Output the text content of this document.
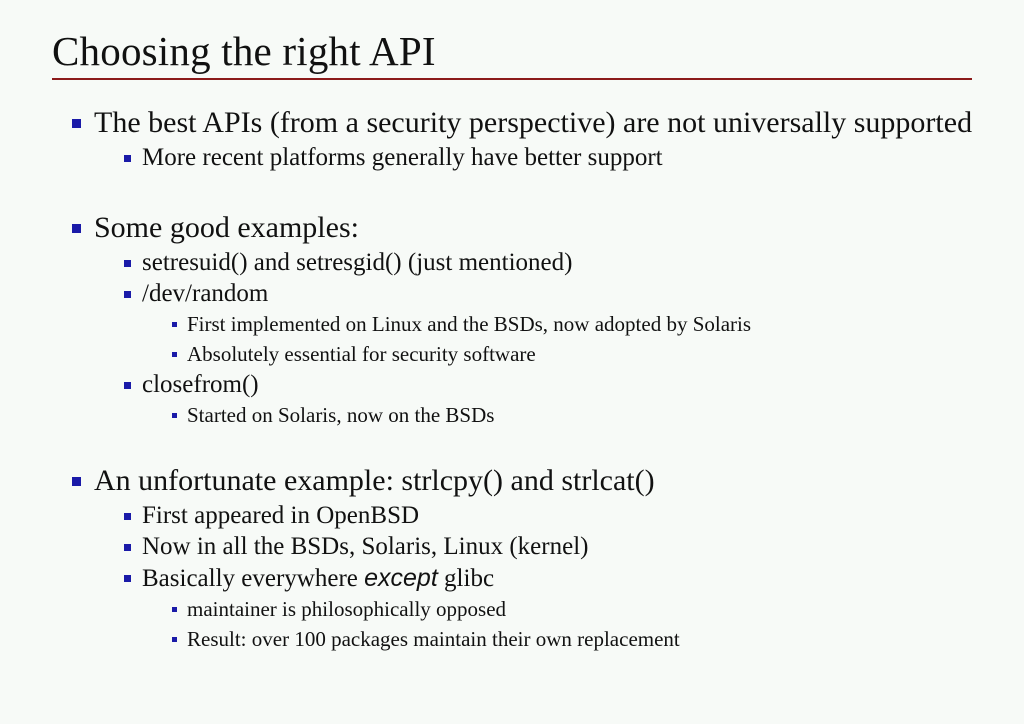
Choosing the right API
The best APIs (from a security perspective) are not universally supported
More recent platforms generally have better support
Some good examples:
setresuid() and setresgid() (just mentioned)
/dev/random
First implemented on Linux and the BSDs, now adopted by Solaris
Absolutely essential for security software
closefrom()
Started on Solaris, now on the BSDs
An unfortunate example: strlcpy() and strlcat()
First appeared in OpenBSD
Now in all the BSDs, Solaris, Linux (kernel)
Basically everywhere except glibc
maintainer is philosophically opposed
Result: over 100 packages maintain their own replacement
